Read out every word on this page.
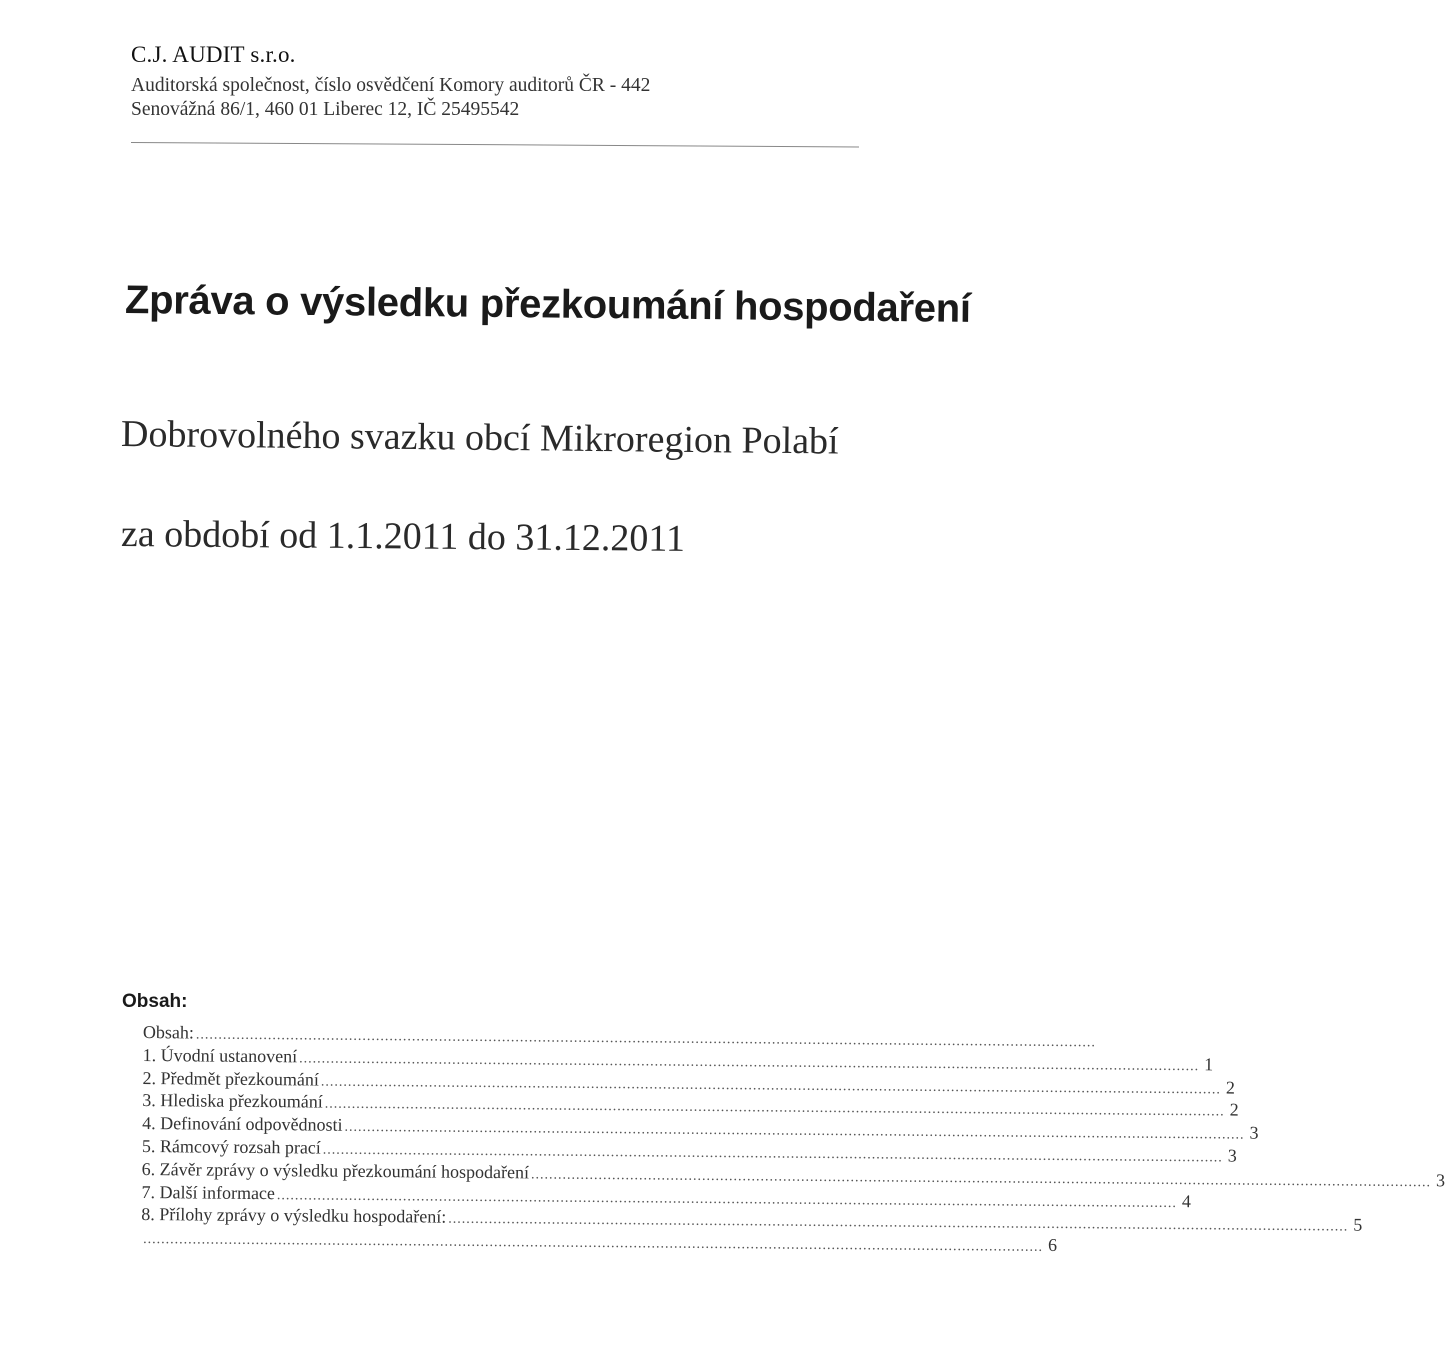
C.J. AUDIT s.r.o.
Auditorská společnost, číslo osvědčení Komory auditorů ČR - 442
Senovážná 86/1, 460 01 Liberec 12, IČ 25495542
Zpráva o výsledku přezkoumání hospodaření
Dobrovolného svazku obcí Mikroregion Polabí
za období od 1.1.2011 do 31.12.2011
Obsah:
Obsah: ........................................................................................................................................................................................................
1. Úvodní ustanovení ........................................................................................................................................................................................................ 1
2. Předmět přezkoumání ........................................................................................................................................................................................................ 2
3. Hlediska přezkoumání ........................................................................................................................................................................................................ 2
4. Definování odpovědnosti ........................................................................................................................................................................................................ 3
5. Rámcový rozsah prací ........................................................................................................................................................................................................ 3
6. Závěr zprávy o výsledku přezkoumání hospodaření ........................................................................................................................................................................................................ 3
7. Další informace ........................................................................................................................................................................................................ 4
8. Přílohy zprávy o výsledku hospodaření: ........................................................................................................................................................................................................ 5
........................................................................................................................................................................................................ 6
